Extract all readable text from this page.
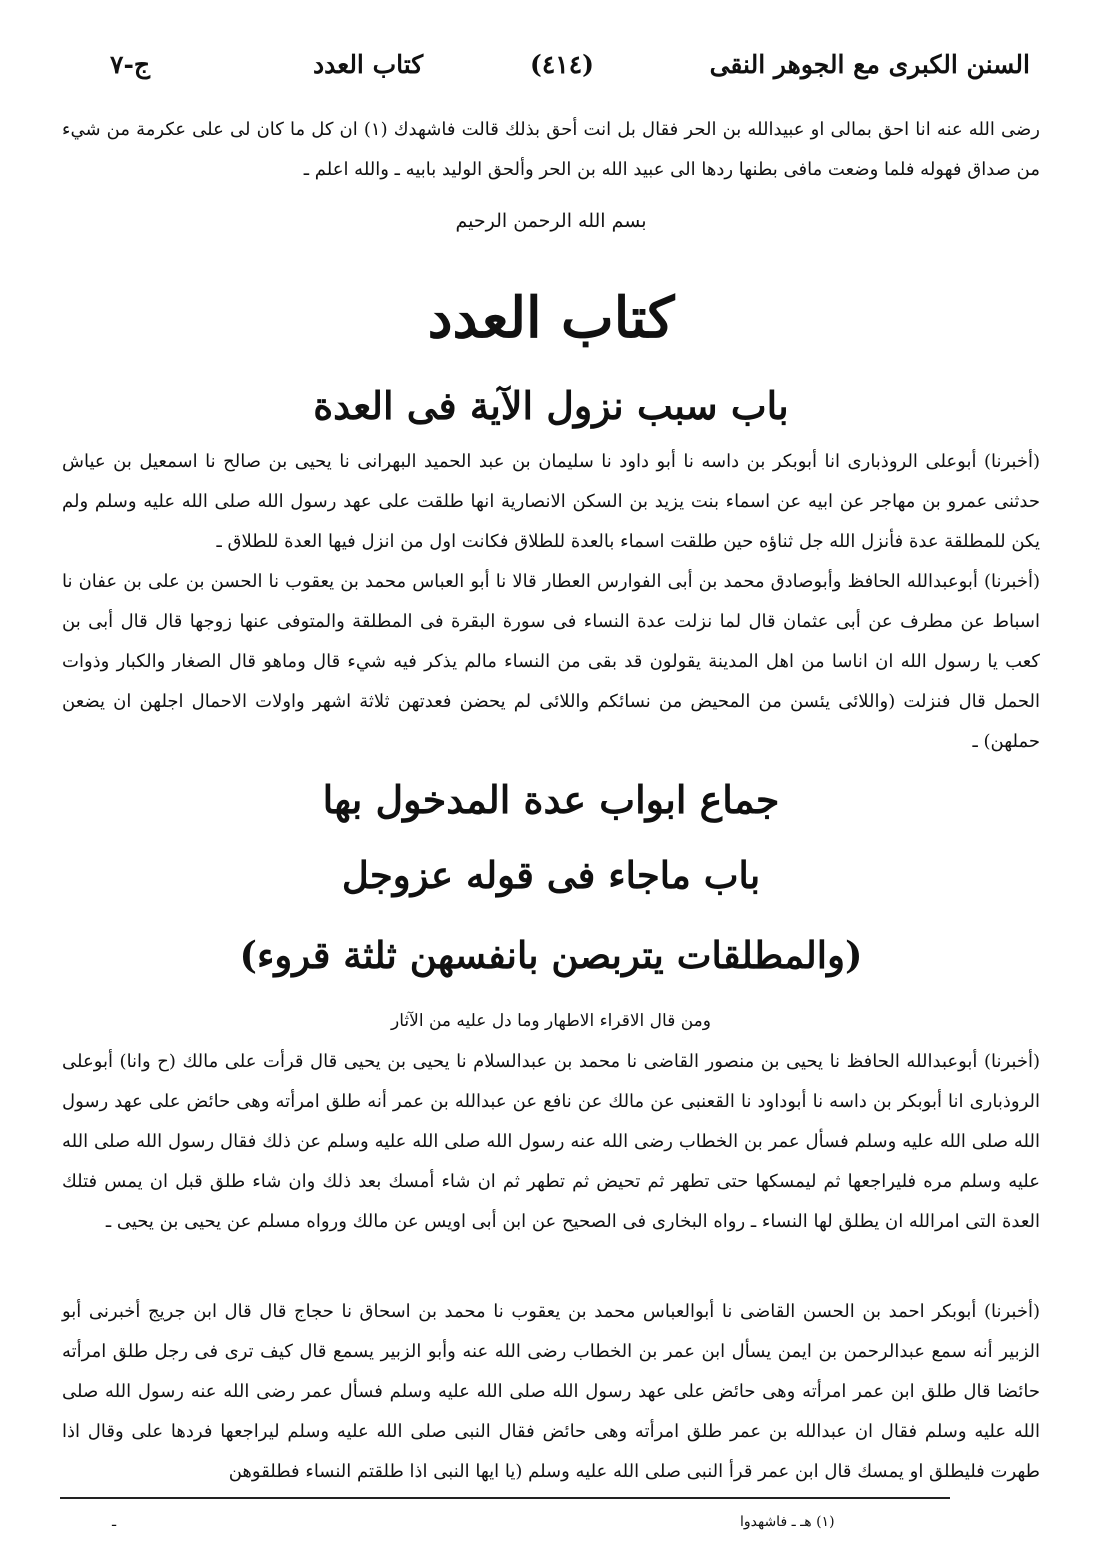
السنن الكبرى مع الجوهر النقى
(٤١٤)
كتاب العدد
ج-٧
رضى الله عنه انا احق بمالى او عبيدالله بن الحر فقال بل انت أحق بذلك قالت فاشهدك (١) ان كل ما كان لى على عكرمة من شيء من صداق فهوله فلما وضعت مافى بطنها ردها الى عبيد الله بن الحر وألحق الوليد بابيه ـ والله اعلم ـ
بسم الله الرحمن الرحيم
كتاب العدد
باب سبب نزول الآية فى العدة
(أخبرنا) أبوعلى الروذبارى انا أبوبكر بن داسه نا أبو داود نا سليمان بن عبد الحميد البهرانى نا يحيى بن صالح نا اسمعيل بن عياش حدثنى عمرو بن مهاجر عن ابيه عن اسماء بنت يزيد بن السكن الانصارية انها طلقت على عهد رسول الله صلى الله عليه وسلم ولم يكن للمطلقة عدة فأنزل الله جل ثناؤه حين طلقت اسماء بالعدة للطلاق فكانت اول من انزل فيها العدة للطلاق ـ
(أخبرنا) أبوعبدالله الحافظ وأبوصادق محمد بن أبى الفوارس العطار قالا نا أبو العباس محمد بن يعقوب نا الحسن بن على بن عفان نا اسباط عن مطرف عن أبى عثمان قال لما نزلت عدة النساء فى سورة البقرة فى المطلقة والمتوفى عنها زوجها قال قال أبى بن كعب يا رسول الله ان اناسا من اهل المدينة يقولون قد بقى من النساء مالم يذكر فيه شيء قال وماهو قال الصغار والكبار وذوات الحمل قال فنزلت (واللائى يئسن من المحيض من نسائكم واللائى لم يحضن فعدتهن ثلاثة اشهر واولات الاحمال اجلهن ان يضعن حملهن) ـ
جماع ابواب عدة المدخول بها
باب ماجاء فى قوله عزوجل
(والمطلقات يتربصن بانفسهن ثلثة قروء)
ومن قال الاقراء الاطهار وما دل عليه من الآثار
(أخبرنا) أبوعبدالله الحافظ نا يحيى بن منصور القاضى نا محمد بن عبدالسلام نا يحيى بن يحيى قال قرأت على مالك (ح وانا) أبوعلى الروذبارى انا أبوبكر بن داسه نا أبوداود نا القعنبى عن مالك عن نافع عن عبدالله بن عمر أنه طلق امرأته وهى حائض على عهد رسول الله صلى الله عليه وسلم فسأل عمر بن الخطاب رضى الله عنه رسول الله صلى الله عليه وسلم عن ذلك فقال رسول الله صلى الله عليه وسلم مره فليراجعها ثم ليمسكها حتى تطهر ثم تحيض ثم تطهر ثم ان شاء أمسك بعد ذلك وان شاء طلق قبل ان يمس فتلك العدة التى امرالله ان يطلق لها النساء ـ رواه البخارى فى الصحيح عن ابن أبى اويس عن مالك ورواه مسلم عن يحيى بن يحيى ـ
(أخبرنا) أبوبكر احمد بن الحسن القاضى نا أبوالعباس محمد بن يعقوب نا محمد بن اسحاق نا حجاج قال قال ابن جريج أخبرنى أبو الزبير أنه سمع عبدالرحمن بن ايمن يسأل ابن عمر بن الخطاب رضى الله عنه وأبو الزبير يسمع قال كيف ترى فى رجل طلق امرأته حائضا قال طلق ابن عمر امرأته وهى حائض على عهد رسول الله صلى الله عليه وسلم فسأل عمر رضى الله عنه رسول الله صلى الله عليه وسلم فقال ان عبدالله بن عمر طلق امرأته وهى حائض فقال النبى صلى الله عليه وسلم ليراجعها فردها على وقال اذا طهرت فليطلق او يمسك قال ابن عمر قرأ النبى صلى الله عليه وسلم (يا ايها النبى اذا طلقتم النساء فطلقوهن
(١) هـ ـ فاشهدوا
ـ
